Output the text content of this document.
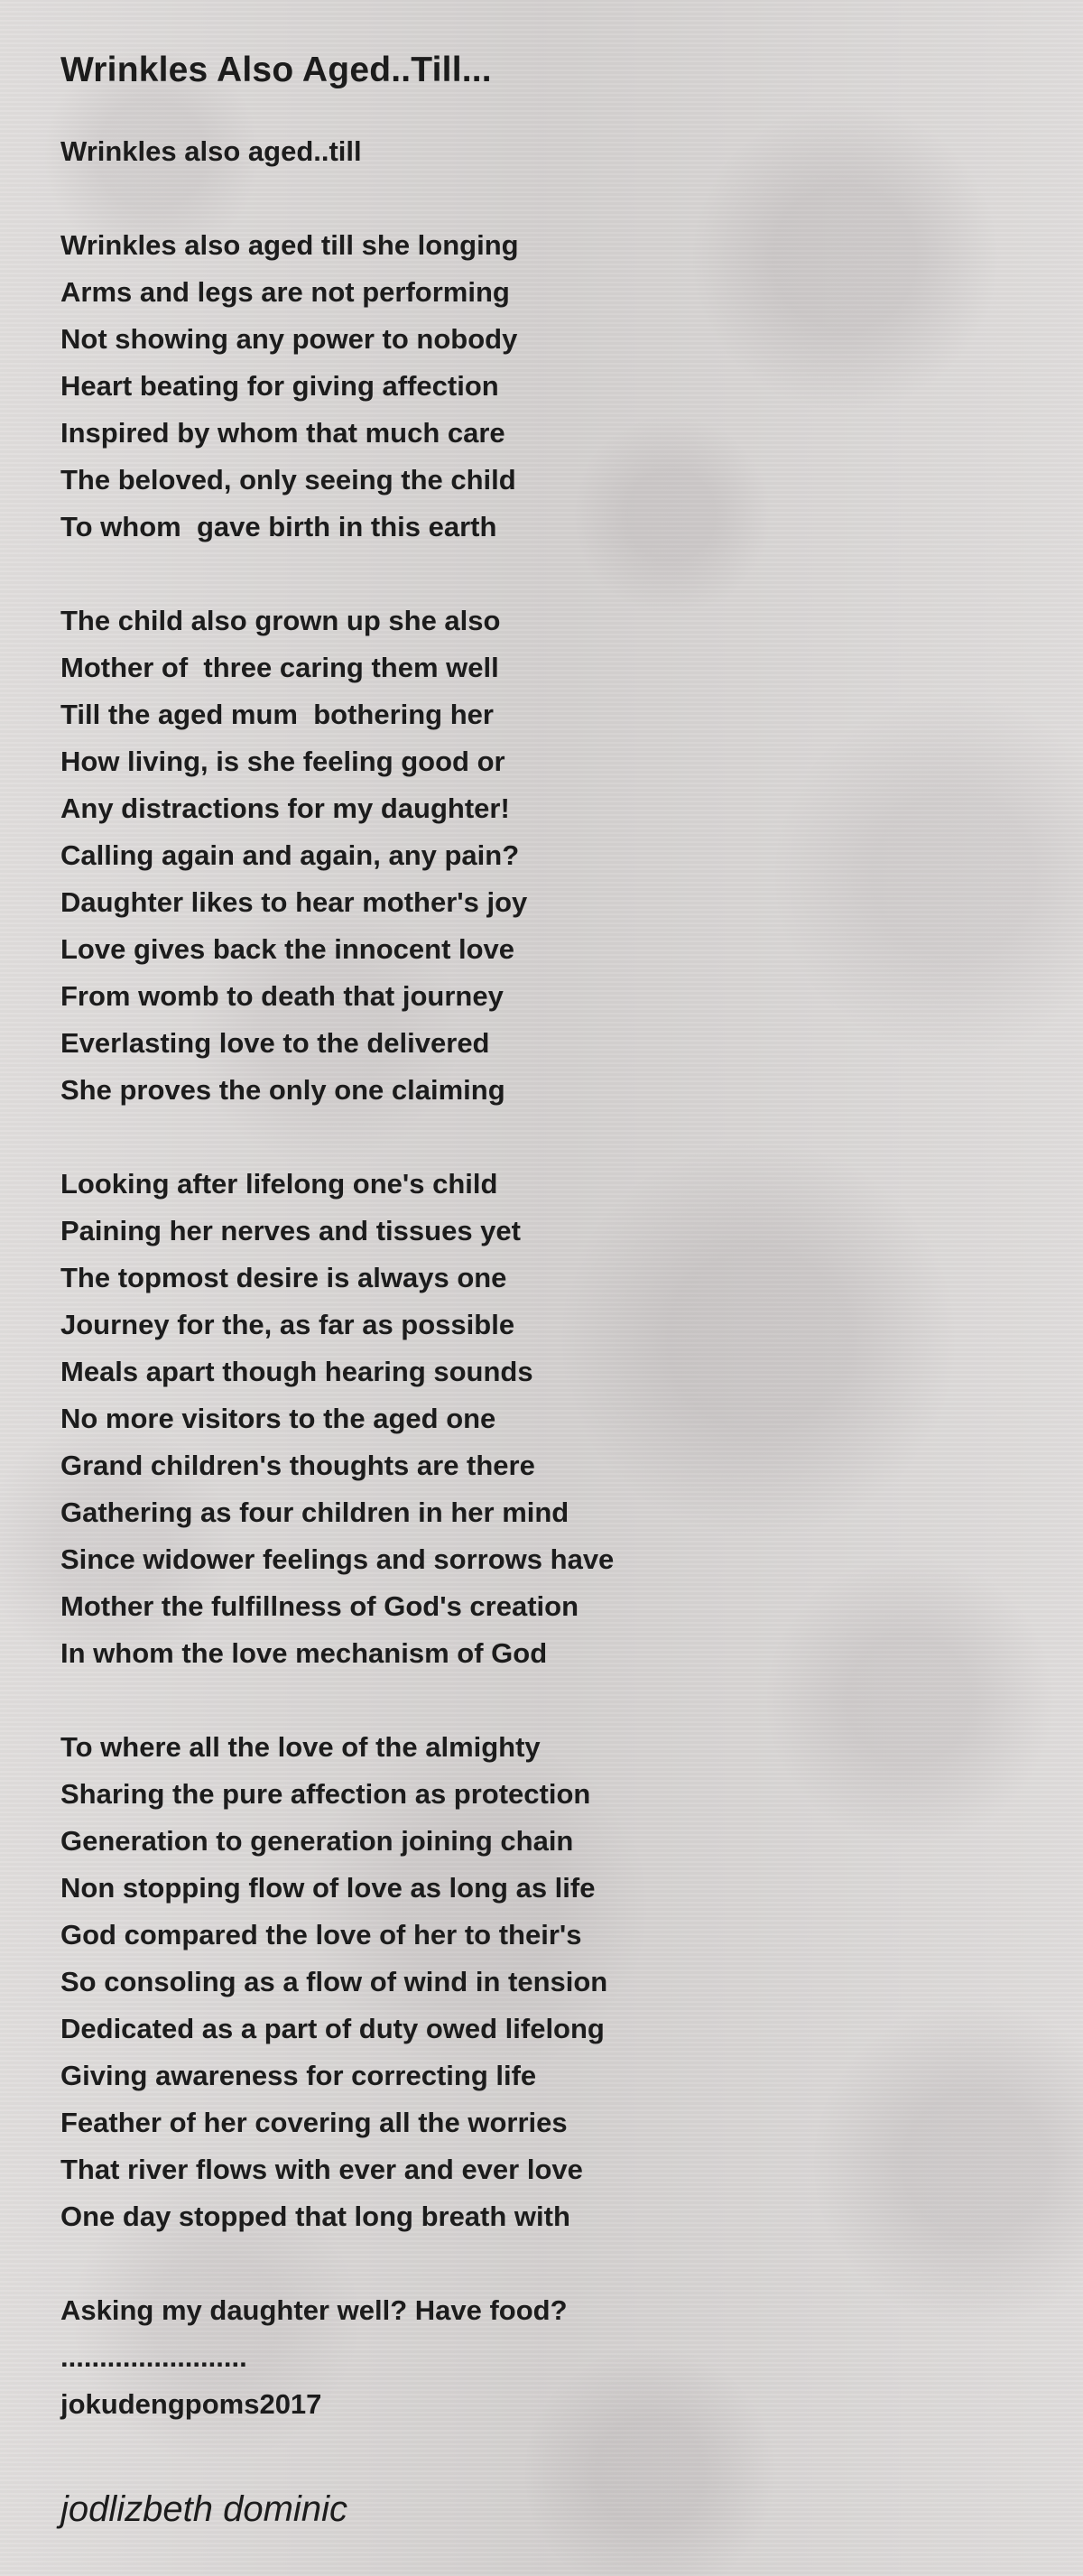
Wrinkles Also Aged..Till...
Wrinkles also aged..till
Wrinkles also aged till she longing
Arms and legs are not performing
Not showing any power to nobody
Heart beating for giving affection
Inspired by whom that much care
The beloved, only seeing the child
To whom  gave birth in this earth
The child also grown up she also
Mother of  three caring them well
Till the aged mum  bothering her
How living, is she feeling good or
Any distractions for my daughter!
Calling again and again, any pain?
Daughter likes to hear mother's joy
Love gives back the innocent love
From womb to death that journey
Everlasting love to the delivered
She proves the only one claiming
Looking after lifelong one's child
Paining her nerves and tissues yet
The topmost desire is always one
Journey for the, as far as possible
Meals apart though hearing sounds
No more visitors to the aged one
Grand children's thoughts are there
Gathering as four children in her mind
Since widower feelings and sorrows have
Mother the fulfillness of God's creation
In whom the love mechanism of God
To where all the love of the almighty
Sharing the pure affection as protection
Generation to generation joining chain
Non stopping flow of love as long as life
God compared the love of her to their's
So consoling as a flow of wind in tension
Dedicated as a part of duty owed lifelong
Giving awareness for correcting life
Feather of her covering all the worries
That river flows with ever and ever love
One day stopped that long breath with
Asking my daughter well? Have food?
........................
jokudengpoms2017
jodlizbeth dominic
